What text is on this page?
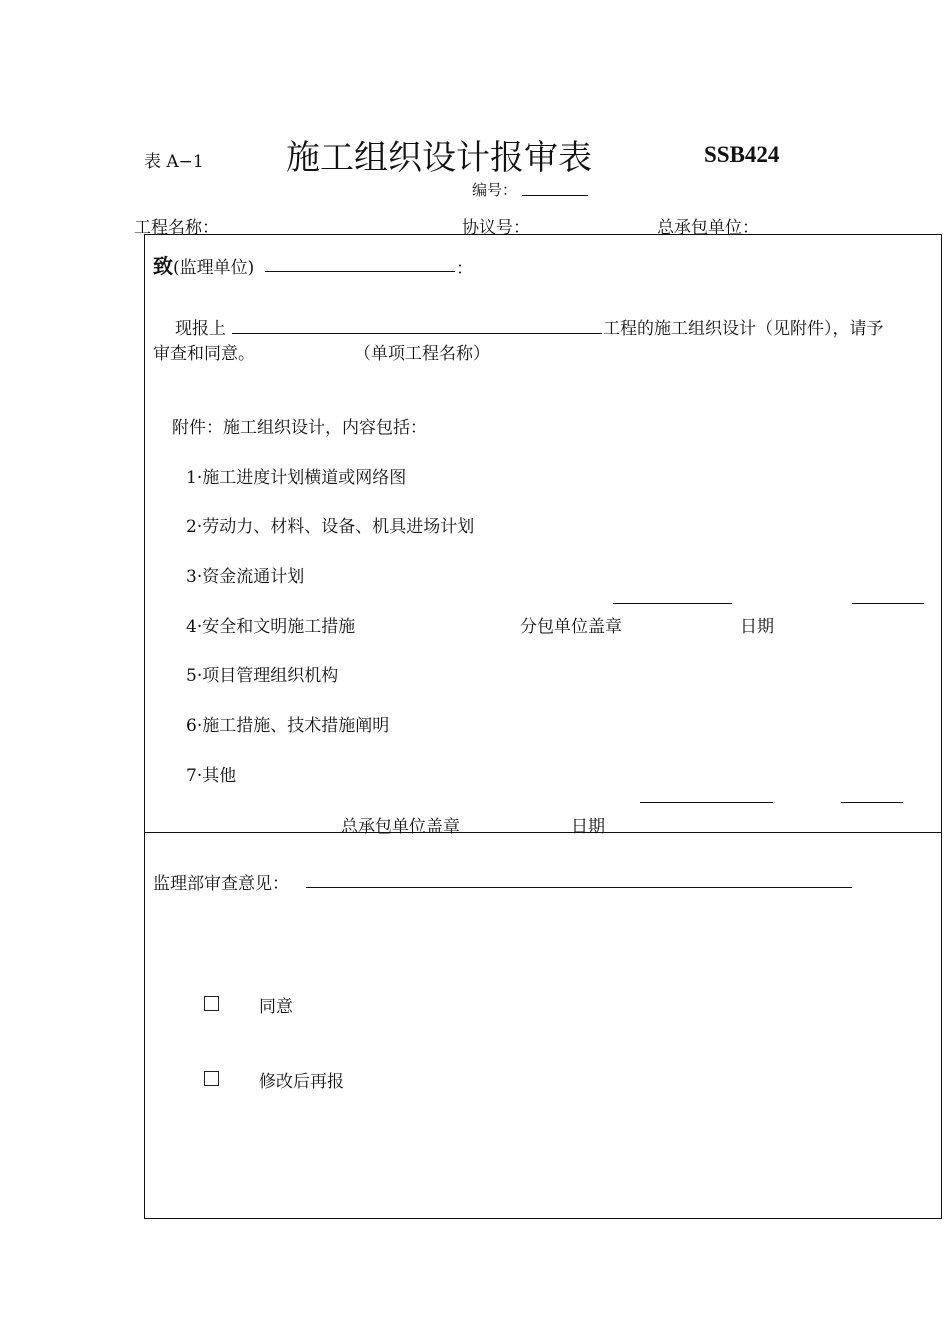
表 A−1 施工组织设计报审表	SSB424
编号：
工程名称：	协议号：	总承包单位：
致(监理单位)	：
现报上	工程的施工组织设计（见附件），请予
审查和同意。	（单项工程名称）
附件：施工组织设计，内容包括：
1·施工进度计划横道或网络图
2·劳动力、材料、设备、机具进场计划
3·资金流通计划
4·安全和文明施工措施
5·项目管理组织机构
6·施工措施、技术措施阐明
7·其他
分包单位盖章	日期
总承包单位盖章	日期
监理部审查意见：
同意
修改后再报
